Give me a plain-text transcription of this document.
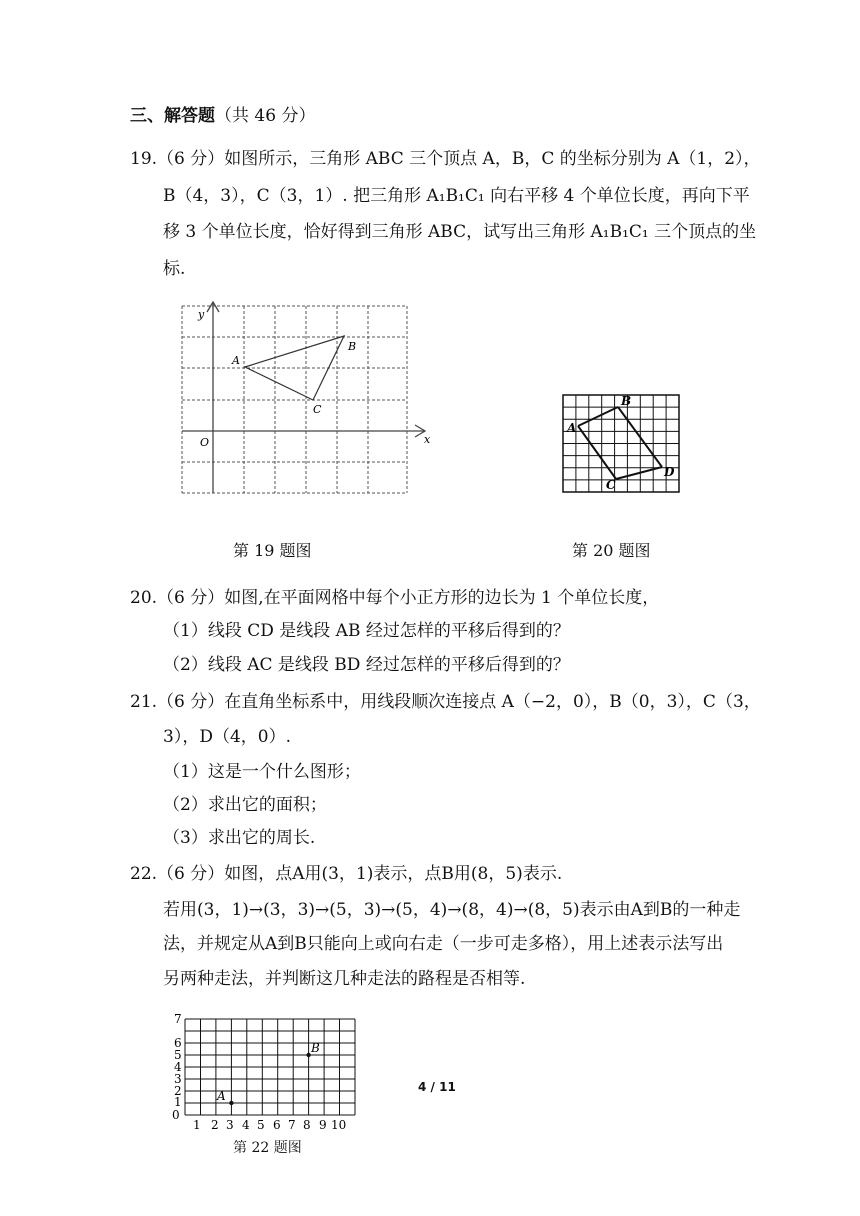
三、解答题（共 46 分）
19.（6 分）如图所示，三角形 ABC 三个顶点 A，B，C 的坐标分别为 A（1，2），
B（4，3），C（3，1）. 把三角形 A₁B₁C₁ 向右平移 4 个单位长度，再向下平
移 3 个单位长度，恰好得到三角形 ABC，试写出三角形 A₁B₁C₁ 三个顶点的坐
标.
y
x
O
A
B
C
第 19 题图
A
B
C
D
第 20 题图
20.（6 分）如图,在平面网格中每个小正方形的边长为 1 个单位长度，
（1）线段 CD 是线段 AB 经过怎样的平移后得到的？
（2）线段 AC 是线段 BD 经过怎样的平移后得到的？
21.（6 分）在直角坐标系中，用线段顺次连接点 A（−2，0），B（0，3），C（3，
3），D（4，0）.
（1）这是一个什么图形；
（2）求出它的面积；
（3）求出它的周长.
22.（6 分）如图，点A用(3，1)表示，点B用(8，5)表示.
若用(3，1)→(3，3)→(5，3)→(5，4)→(8，4)→(8，5)表示由A到B的一种走
法，并规定从A到B只能向上或向右走（一步可走多格），用上述表示法写出
另两种走法，并判断这几种走法的路程是否相等.
0
1
2
3
4
5
6
7
1 2 3 4 5 6 7 8 9 10
A
B
第 22 题图
4 / 11
